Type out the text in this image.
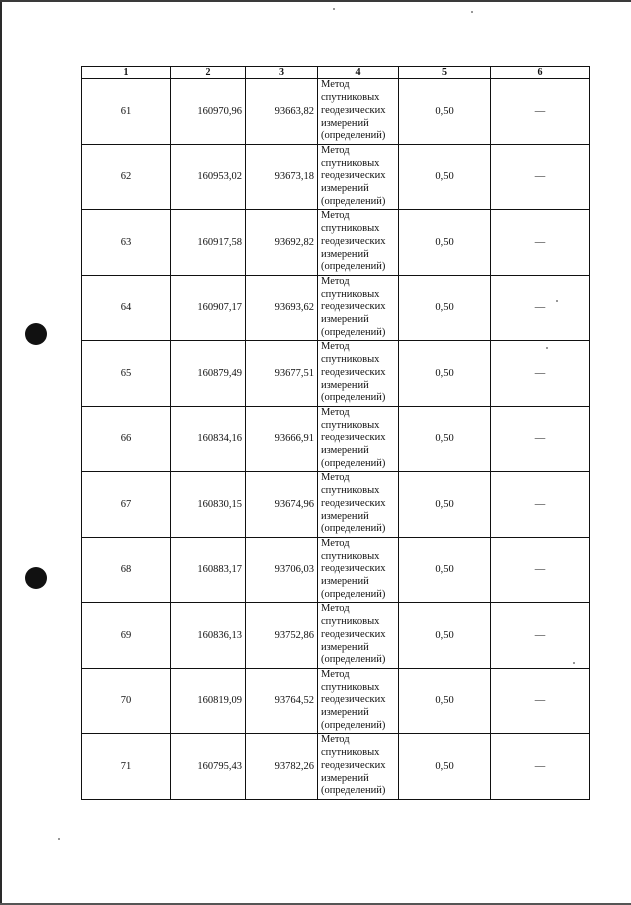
1	2	3	4	5	6
61	160970,96	93663,82	Метод
спутниковых
геодезических
измерений
(определений)	0,50	—
62	160953,02	93673,18	Метод
спутниковых
геодезических
измерений
(определений)	0,50	—
63	160917,58	93692,82	Метод
спутниковых
геодезических
измерений
(определений)	0,50	—
64	160907,17	93693,62	Метод
спутниковых
геодезических
измерений
(определений)	0,50	—
65	160879,49	93677,51	Метод
спутниковых
геодезических
измерений
(определений)	0,50	—
66	160834,16	93666,91	Метод
спутниковых
геодезических
измерений
(определений)	0,50	—
67	160830,15	93674,96	Метод
спутниковых
геодезических
измерений
(определений)	0,50	—
68	160883,17	93706,03	Метод
спутниковых
геодезических
измерений
(определений)	0,50	—
69	160836,13	93752,86	Метод
спутниковых
геодезических
измерений
(определений)	0,50	—
70	160819,09	93764,52	Метод
спутниковых
геодезических
измерений
(определений)	0,50	—
71	160795,43	93782,26	Метод
спутниковых
геодезических
измерений
(определений)	0,50	—
